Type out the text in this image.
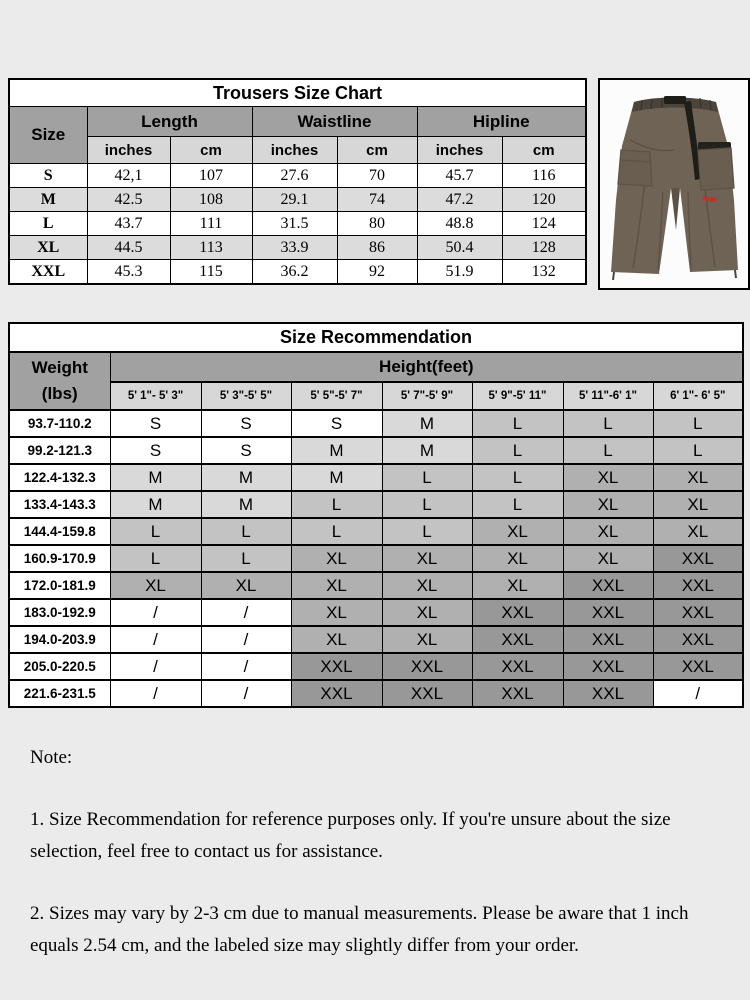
Trousers Size Chart						
Size	Length		Waistline		Hipline	
	inches	cm	inches	cm	inches	cm
S	42,1	107	27.6	70	45.7	116
M	42.5	108	29.1	74	47.2	120
L	43.7	111	31.5	80	48.8	124
XL	44.5	113	33.9	86	50.4	128
XXL	45.3	115	36.2	92	51.9	132
Size Recommendation							

Weight
(lbs)	Height(feet)						
	5' 1"- 5' 3"	5' 3"-5' 5"	5' 5"-5' 7"	5' 7"-5' 9"	5' 9"-5' 11"	5' 11"-6' 1"	6' 1"- 6' 5"
93.7-110.2	S	S	S	M	L	L	L
99.2-121.3	S	S	M	M	L	L	L
122.4-132.3	M	M	M	L	L	XL	XL
133.4-143.3	M	M	L	L	L	XL	XL
144.4-159.8	L	L	L	L	XL	XL	XL
160.9-170.9	L	L	XL	XL	XL	XL	XXL
172.0-181.9	XL	XL	XL	XL	XL	XXL	XXL
183.0-192.9	/	/	XL	XL	XXL	XXL	XXL
194.0-203.9	/	/	XL	XL	XXL	XXL	XXL
205.0-220.5	/	/	XXL	XXL	XXL	XXL	XXL
221.6-231.5	/	/	XXL	XXL	XXL	XXL	/
Note:

1. Size Recommendation for reference purposes only. If you're unsure about the size selection, feel free to contact us for assistance.

2. Sizes may vary by 2-3 cm due to manual measurements. Please be aware that 1 inch equals 2.54 cm, and the labeled size may slightly differ from your order.
